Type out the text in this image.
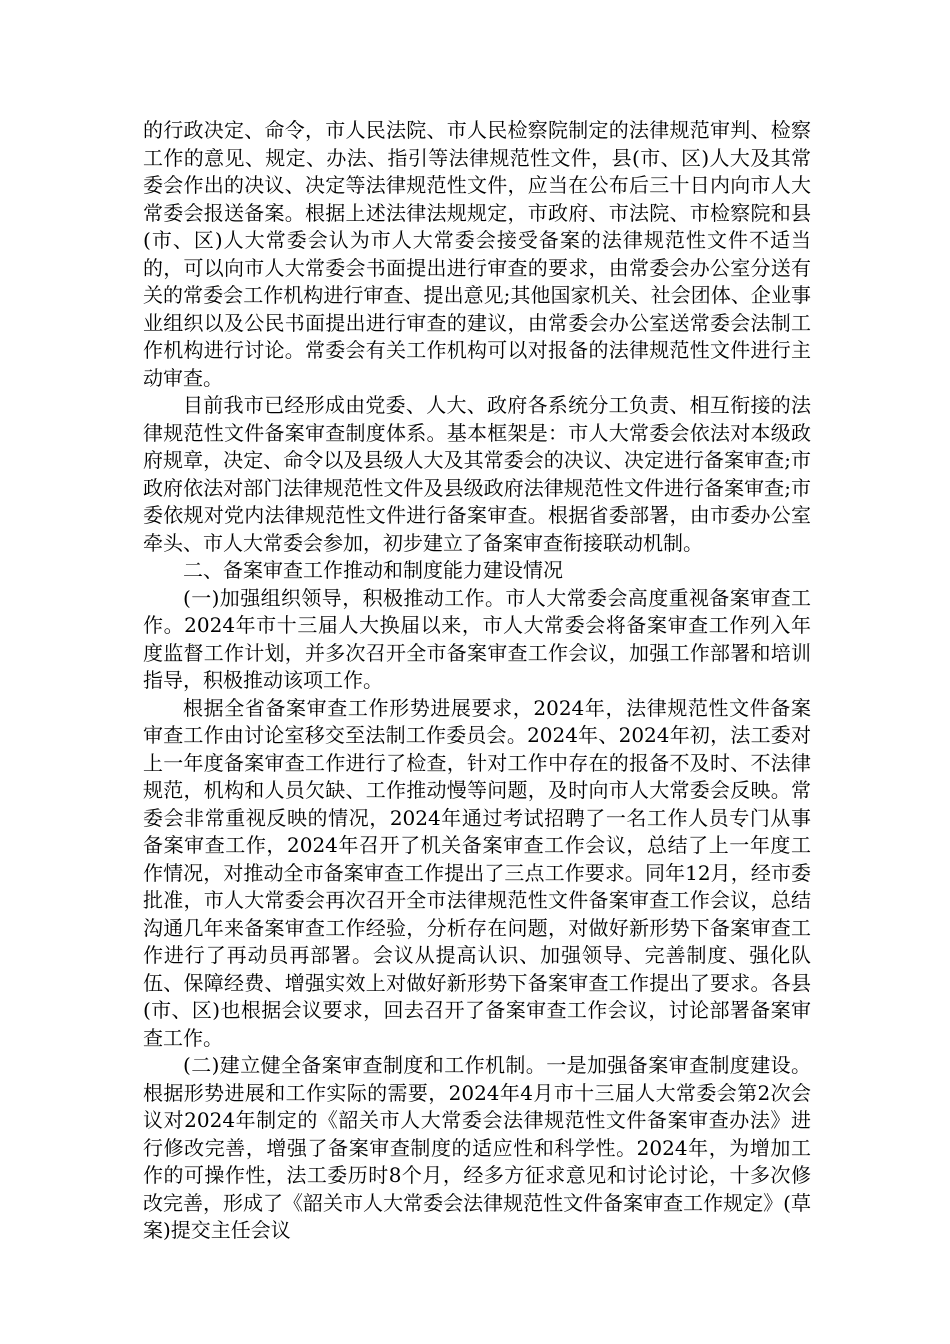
的行政决定、命令，市人民法院、市人民检察院制定的法律规范审判、检察工作的意见、规定、办法、指引等法律规范性文件，县(市、区)人大及其常委会作出的决议、决定等法律规范性文件，应当在公布后三十日内向市人大常委会报送备案。根据上述法律法规规定，市政府、市法院、市检察院和县(市、区)人大常委会认为市人大常委会接受备案的法律规范性文件不适当的，可以向市人大常委会书面提出进行审查的要求，由常委会办公室分送有关的常委会工作机构进行审查、提出意见;其他国家机关、社会团体、企业事业组织以及公民书面提出进行审查的建议，由常委会办公室送常委会法制工作机构进行讨论。常委会有关工作机构可以对报备的法律规范性文件进行主动审查。

目前我市已经形成由党委、人大、政府各系统分工负责、相互衔接的法律规范性文件备案审查制度体系。基本框架是：市人大常委会依法对本级政府规章，决定、命令以及县级人大及其常委会的决议、决定进行备案审查;市政府依法对部门法律规范性文件及县级政府法律规范性文件进行备案审查;市委依规对党内法律规范性文件进行备案审查。根据省委部署，由市委办公室牵头、市人大常委会参加，初步建立了备案审查衔接联动机制。

二、备案审查工作推动和制度能力建设情况

(一)加强组织领导，积极推动工作。市人大常委会高度重视备案审查工作。2024年市十三届人大换届以来，市人大常委会将备案审查工作列入年度监督工作计划，并多次召开全市备案审查工作会议，加强工作部署和培训指导，积极推动该项工作。

根据全省备案审查工作形势进展要求，2024年，法律规范性文件备案审查工作由讨论室移交至法制工作委员会。2024年、2024年初，法工委对上一年度备案审查工作进行了检查，针对工作中存在的报备不及时、不法律规范，机构和人员欠缺、工作推动慢等问题，及时向市人大常委会反映。常委会非常重视反映的情况，2024年通过考试招聘了一名工作人员专门从事备案审查工作，2024年召开了机关备案审查工作会议，总结了上一年度工作情况，对推动全市备案审查工作提出了三点工作要求。同年12月，经市委批准，市人大常委会再次召开全市法律规范性文件备案审查工作会议，总结沟通几年来备案审查工作经验，分析存在问题，对做好新形势下备案审查工作进行了再动员再部署。会议从提高认识、加强领导、完善制度、强化队伍、保障经费、增强实效上对做好新形势下备案审查工作提出了要求。各县(市、区)也根据会议要求，回去召开了备案审查工作会议，讨论部署备案审查工作。

(二)建立健全备案审查制度和工作机制。一是加强备案审查制度建设。根据形势进展和工作实际的需要，2024年4月市十三届人大常委会第2次会议对2024年制定的《韶关市人大常委会法律规范性文件备案审查办法》进行修改完善，增强了备案审查制度的适应性和科学性。2024年，为增加工作的可操作性，法工委历时8个月，经多方征求意见和讨论讨论，十多次修改完善，形成了《韶关市人大常委会法律规范性文件备案审查工作规定》(草案)提交主任会议
